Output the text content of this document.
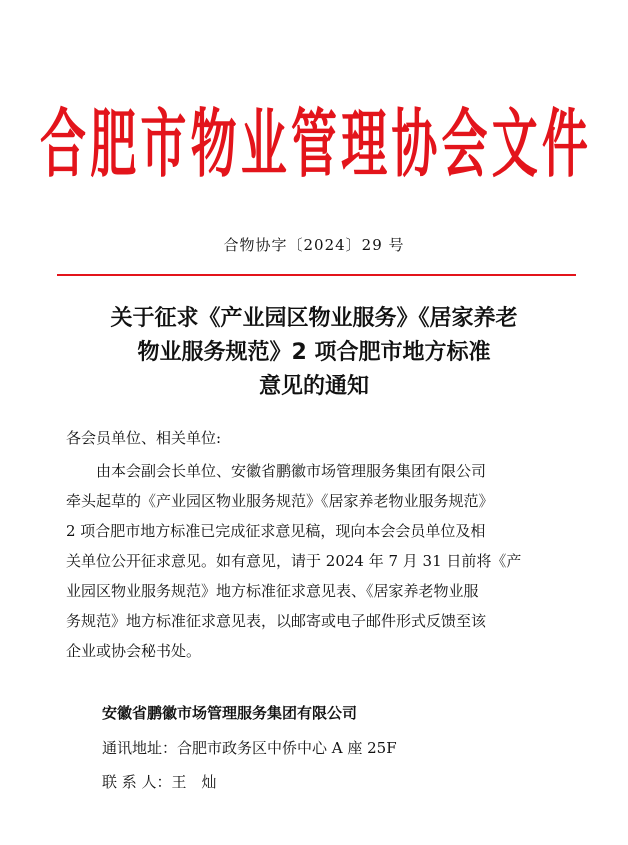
合 肥 市 物 业 管 理 协 会 文 件
合物协字〔2024〕29 号
关于征求《产业园区物业服务》《居家养老
物业服务规范》2 项合肥市地方标准
意见的通知
各会员单位、相关单位:
　　由本会副会长单位、安徽省鹏徽市场管理服务集团有限公司
牵头起草的《产业园区物业服务规范》《居家养老物业服务规范》
2 项合肥市地方标准已完成征求意见稿，现向本会会员单位及相
关单位公开征求意见。如有意见，请于 2024 年 7 月 31 日前将《产
业园区物业服务规范》地方标准征求意见表、《居家养老物业服
务规范》地方标准征求意见表，以邮寄或电子邮件形式反馈至该
企业或协会秘书处。
安徽省鹏徽市场管理服务集团有限公司
通讯地址：合肥市政务区中侨中心 A 座 25F
联 系 人：王　灿
